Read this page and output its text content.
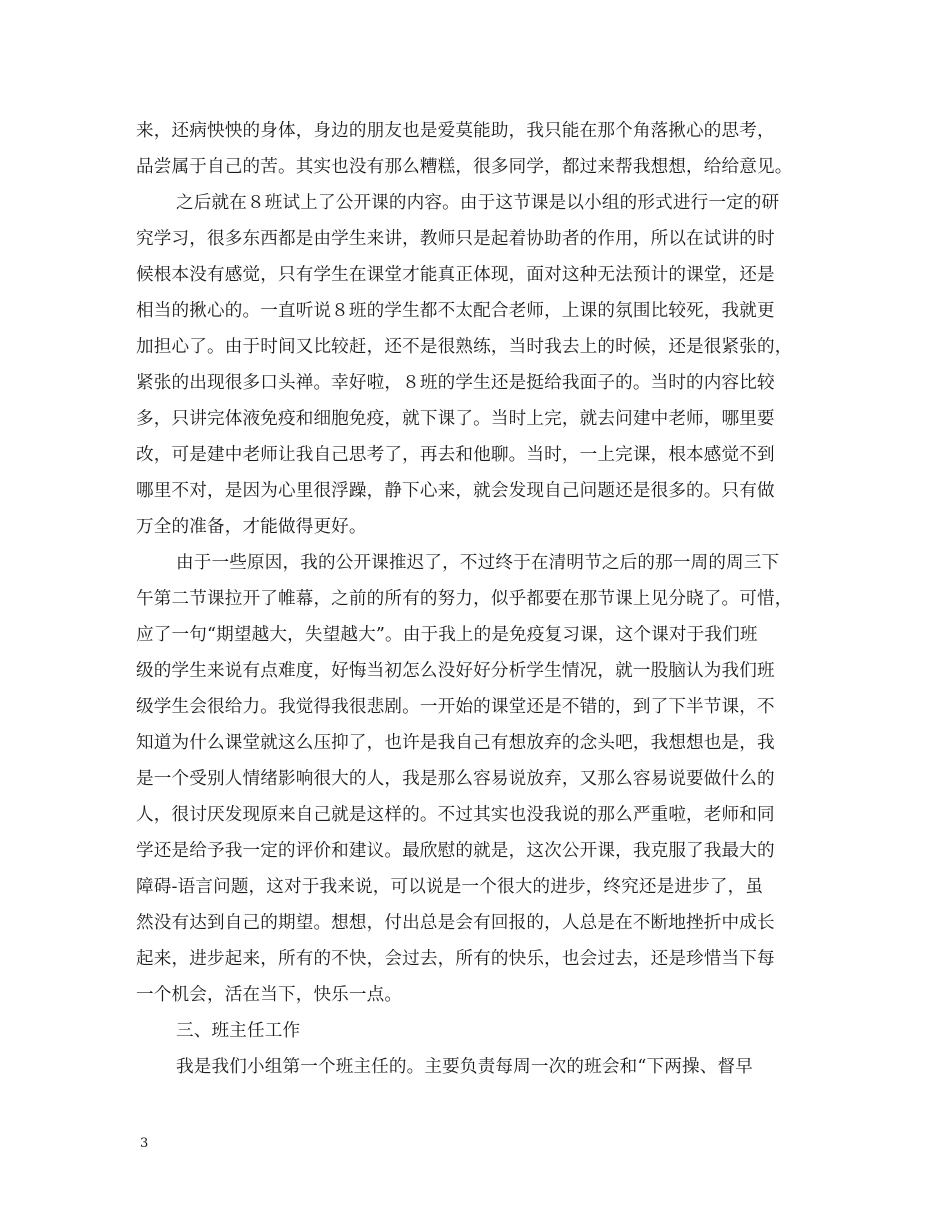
来，还病怏怏的身体，身边的朋友也是爱莫能助，我只能在那个角落揪心的思考，
品尝属于自己的苦。其实也没有那么糟糕，很多同学，都过来帮我想想，给给意见。
之后就在８班试上了公开课的内容。由于这节课是以小组的形式进行一定的研
究学习，很多东西都是由学生来讲，教师只是起着协助者的作用，所以在试讲的时
候根本没有感觉，只有学生在课堂才能真正体现，面对这种无法预计的课堂，还是
相当的揪心的。一直听说８班的学生都不太配合老师，上课的氛围比较死，我就更
加担心了。由于时间又比较赶，还不是很熟练，当时我去上的时候，还是很紧张的，
紧张的出现很多口头禅。幸好啦，８班的学生还是挺给我面子的。当时的内容比较
多，只讲完体液免疫和细胞免疫，就下课了。当时上完，就去问建中老师，哪里要
改，可是建中老师让我自己思考了，再去和他聊。当时，一上完课，根本感觉不到
哪里不对，是因为心里很浮躁，静下心来，就会发现自己问题还是很多的。只有做
万全的准备，才能做得更好。
由于一些原因，我的公开课推迟了，不过终于在清明节之后的那一周的周三下
午第二节课拉开了帷幕，之前的所有的努力，似乎都要在那节课上见分晓了。可惜，
应了一句“期望越大，失望越大”。由于我上的是免疫复习课，这个课对于我们班
级的学生来说有点难度，好悔当初怎么没好好分析学生情况，就一股脑认为我们班
级学生会很给力。我觉得我很悲剧。一开始的课堂还是不错的，到了下半节课，不
知道为什么课堂就这么压抑了，也许是我自己有想放弃的念头吧，我想想也是，我
是一个受别人情绪影响很大的人，我是那么容易说放弃，又那么容易说要做什么的
人，很讨厌发现原来自己就是这样的。不过其实也没我说的那么严重啦，老师和同
学还是给予我一定的评价和建议。最欣慰的就是，这次公开课，我克服了我最大的
障碍-语言问题，这对于我来说，可以说是一个很大的进步，终究还是进步了，虽
然没有达到自己的期望。想想，付出总是会有回报的，人总是在不断地挫折中成长
起来，进步起来，所有的不快，会过去，所有的快乐，也会过去，还是珍惜当下每
一个机会，活在当下，快乐一点。
三、班主任工作
我是我们小组第一个班主任的。主要负责每周一次的班会和“下两操、督早
3
